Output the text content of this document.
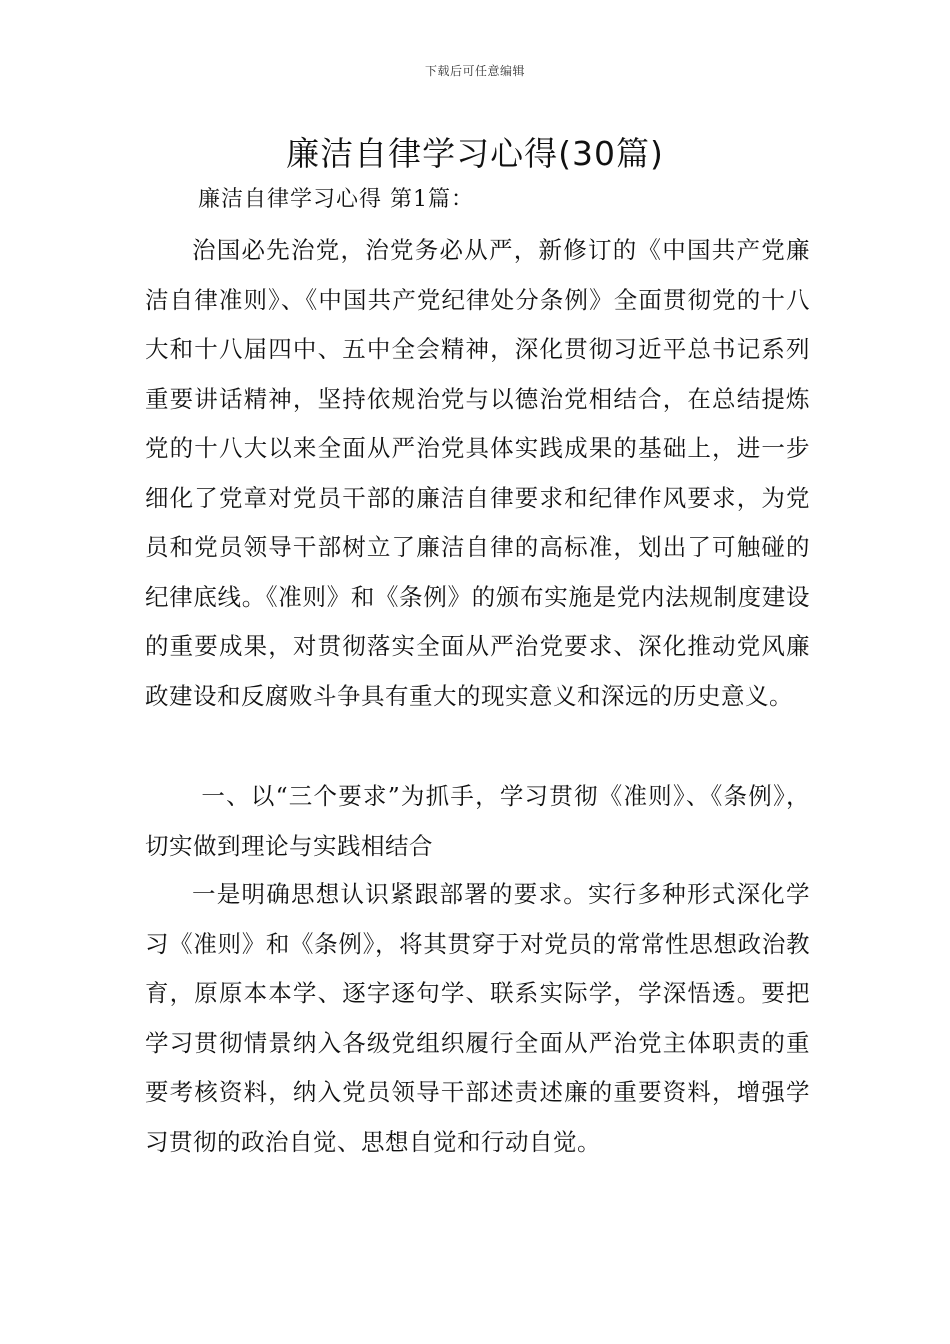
下载后可任意编辑
廉洁自律学习心得(30篇)
廉洁自律学习心得 第1篇：

治国必先治党，治党务必从严，新修订的《中国共产党廉洁自律准则》、《中国共产党纪律处分条例》全面贯彻党的十八大和十八届四中、五中全会精神，深化贯彻习近平总书记系列重要讲话精神，坚持依规治党与以德治党相结合，在总结提炼党的十八大以来全面从严治党具体实践成果的基础上，进一步细化了党章对党员干部的廉洁自律要求和纪律作风要求，为党员和党员领导干部树立了廉洁自律的高标准，划出了可触碰的纪律底线。《准则》和《条例》的颁布实施是党内法规制度建设的重要成果，对贯彻落实全面从严治党要求、深化推动党风廉政建设和反腐败斗争具有重大的现实意义和深远的历史意义。

一、以“三个要求”为抓手，学习贯彻《准则》、《条例》，切实做到理论与实践相结合

一是明确思想认识紧跟部署的要求。实行多种形式深化学习《准则》和《条例》，将其贯穿于对党员的常常性思想政治教育，原原本本学、逐字逐句学、联系实际学，学深悟透。要把学习贯彻情景纳入各级党组织履行全面从严治党主体职责的重要考核资料，纳入党员领导干部述责述廉的重要资料，增强学习贯彻的政治自觉、思想自觉和行动自觉。
